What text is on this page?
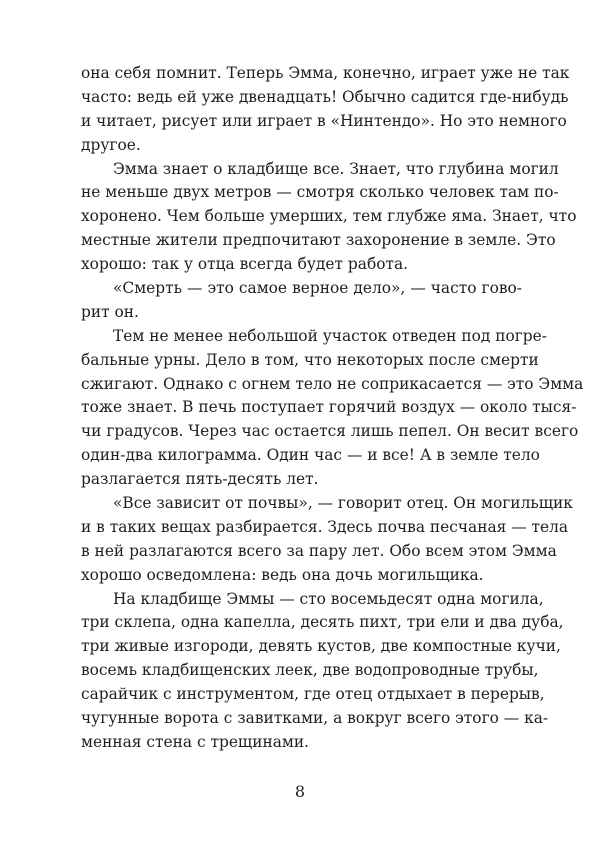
она себя помнит. Теперь Эмма, конечно, играет уже не так
часто: ведь ей уже двенадцать! Обычно садится где-нибудь
и читает, рисует или играет в «Нинтендо». Но это немного
другое.
Эмма знает о кладбище все. Знает, что глубина могил
не меньше двух метров — смотря сколько человек там по-
хоронено. Чем больше умерших, тем глубже яма. Знает, что
местные жители предпочитают захоронение в земле. Это
хорошо: так у отца всегда будет работа.
«Смерть — это самое верное дело», — часто гово-
рит он.
Тем не менее небольшой участок отведен под погре-
бальные урны. Дело в том, что некоторых после смерти
сжигают. Однако с огнем тело не соприкасается — это Эмма
тоже знает. В печь поступает горячий воздух — около тыся-
чи градусов. Через час остается лишь пепел. Он весит всего
один-два килограмма. Один час — и все! А в земле тело
разлагается пять-десять лет.
«Все зависит от почвы», — говорит отец. Он могильщик
и в таких вещах разбирается. Здесь почва песчаная — тела
в ней разлагаются всего за пару лет. Обо всем этом Эмма
хорошо осведомлена: ведь она дочь могильщика.
На кладбище Эммы — сто восемьдесят одна могила,
три склепа, одна капелла, десять пихт, три ели и два дуба,
три живые изгороди, девять кустов, две компостные кучи,
восемь кладбищенских леек, две водопроводные трубы,
сарайчик с инструментом, где отец отдыхает в перерыв,
чугунные ворота с завитками, а вокруг всего этого — ка-
менная стена с трещинами.
8
